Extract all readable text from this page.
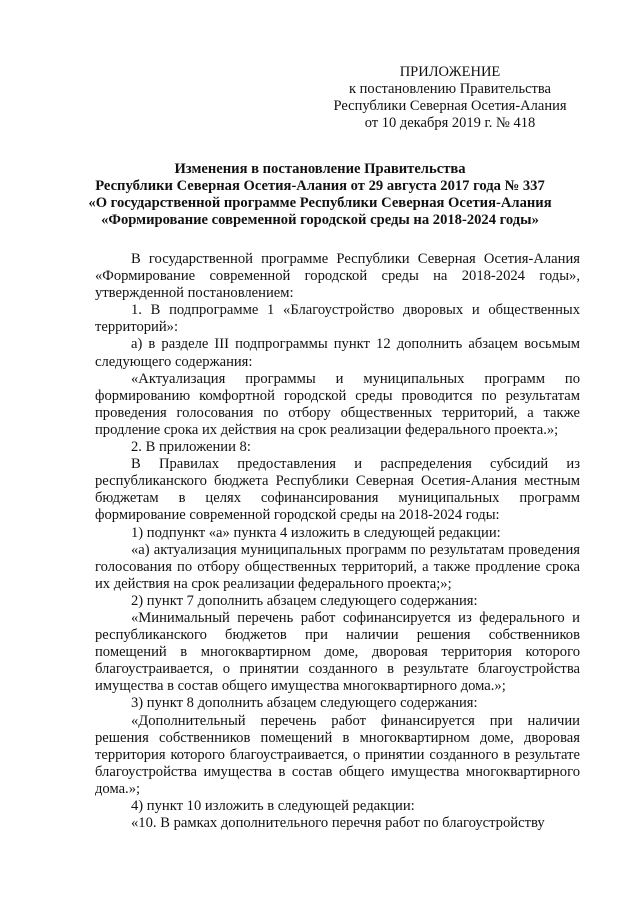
ПРИЛОЖЕНИЕ
к постановлению Правительства
Республики Северная Осетия-Алания
от 10 декабря 2019 г. № 418
Изменения в постановление Правительства
Республики Северная Осетия-Алания от 29 августа 2017 года № 337
«О государственной программе Республики Северная Осетия-Алания
«Формирование современной городской среды на 2018-2024 годы»

В государственной программе Республики Северная Осетия-Алания «Формирование современной городской среды на 2018-2024 годы», утвержденной постановлением:

1. В подпрограмме 1 «Благоустройство дворовых и общественных территорий»:

а) в разделе III подпрограммы пункт 12 дополнить абзацем восьмым следующего содержания:

«Актуализация программы и муниципальных программ по формированию комфортной городской среды проводится по результатам проведения голосования по отбору общественных территорий, а также продление срока их действия на срок реализации федерального проекта.»;

2. В приложении 8:

В Правилах предоставления и распределения субсидий из республиканского бюджета Республики Северная Осетия-Алания местным бюджетам в целях софинансирования муниципальных программ формирование современной городской среды на 2018-2024 годы:

1) подпункт «а» пункта 4 изложить в следующей редакции:

«а) актуализация муниципальных программ по результатам проведения голосования по отбору общественных территорий, а также продление срока их действия на срок реализации федерального проекта;»;

2) пункт 7 дополнить абзацем следующего содержания:

«Минимальный перечень работ софинансируется из федерального и республиканского бюджетов при наличии решения собственников помещений в многоквартирном доме, дворовая территория которого благоустраивается, о принятии созданного в результате благоустройства имущества в состав общего имущества многоквартирного дома.»;

3) пункт 8 дополнить абзацем следующего содержания:

«Дополнительный перечень работ финансируется при наличии решения собственников помещений в многоквартирном доме, дворовая территория которого благоустраивается, о принятии созданного в результате благоустройства имущества в состав общего имущества многоквартирного дома.»;

4) пункт 10 изложить в следующей редакции:

«10. В рамках дополнительного перечня работ по благоустройству
